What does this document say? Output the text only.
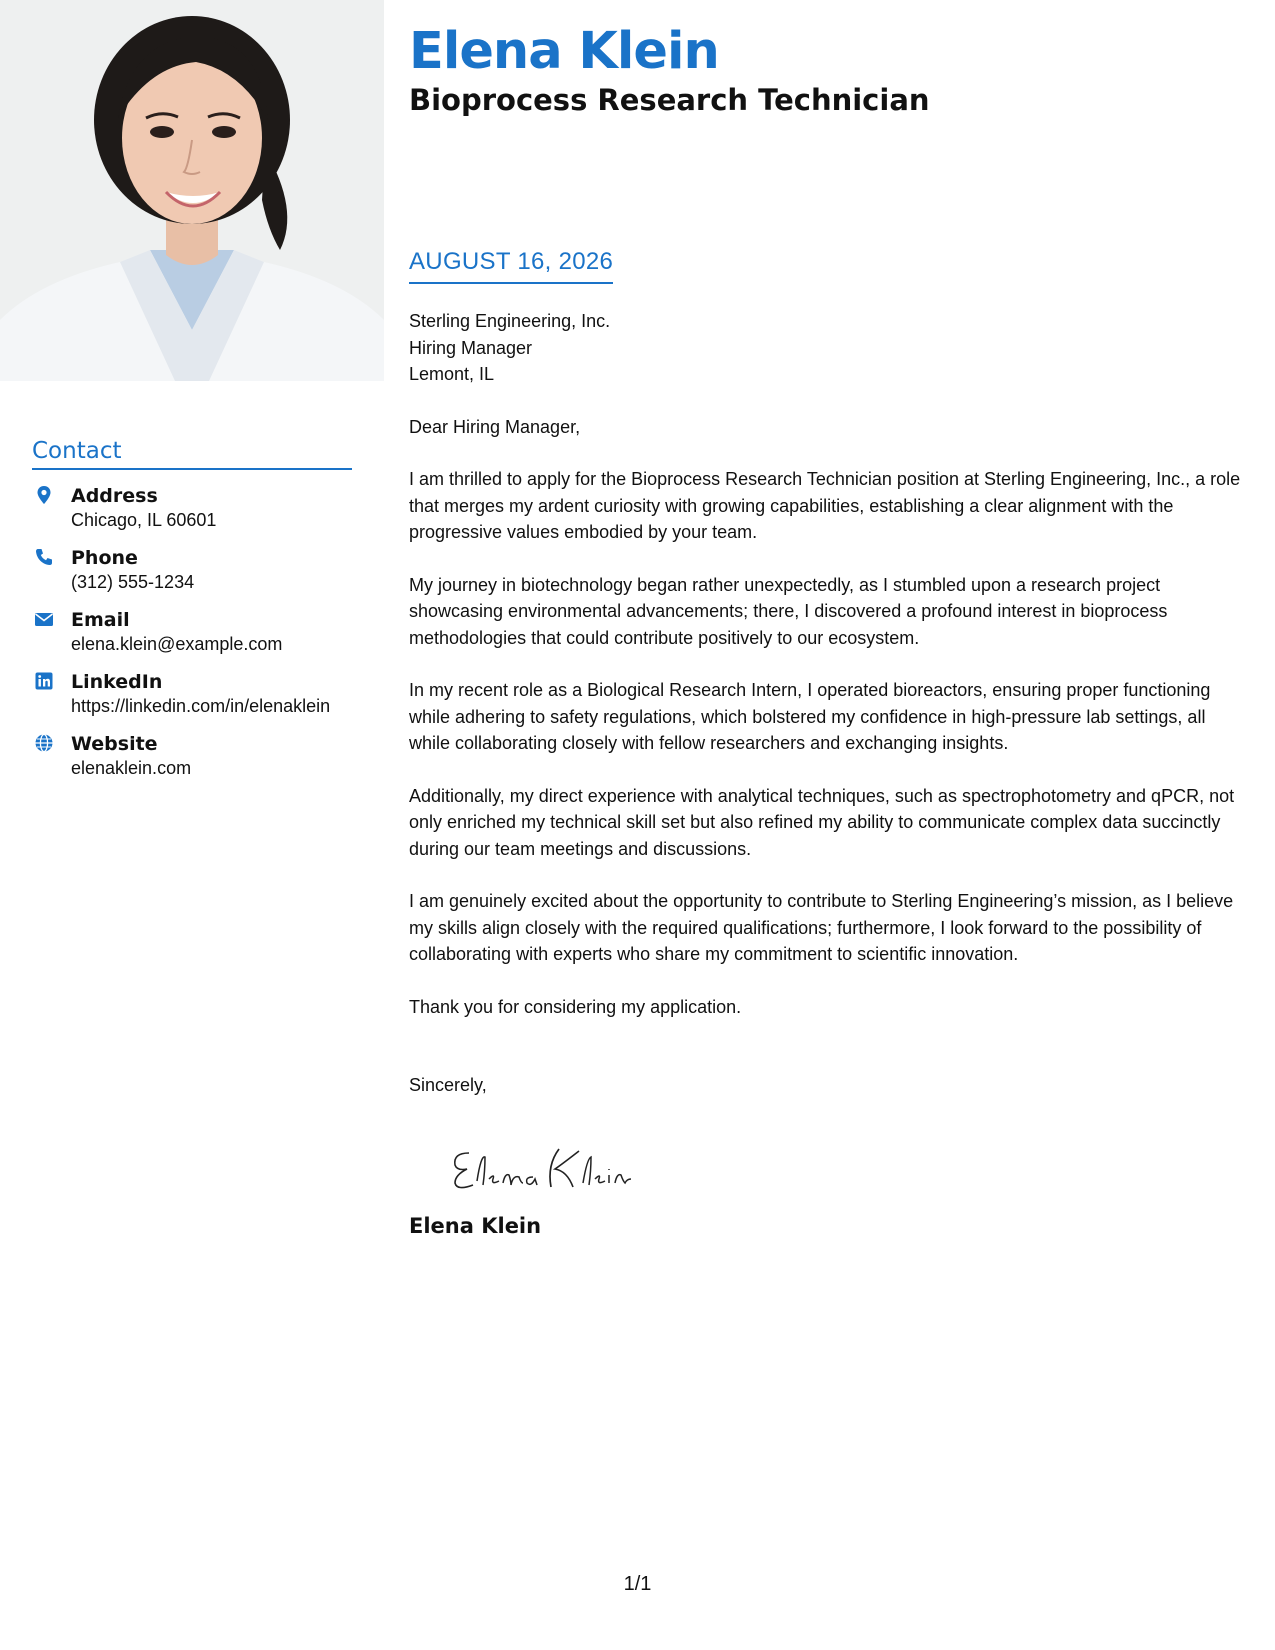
Contact
Address
Chicago, IL 60601
Phone
(312) 555-1234
Email
elena.klein@example.com
LinkedIn
https://linkedin.com/in/elenaklein
Website
elenaklein.com
Elena Klein
Bioprocess Research Technician
AUGUST 16, 2026
Sterling Engineering, Inc.
Hiring Manager
Lemont, IL

Dear Hiring Manager,

I am thrilled to apply for the Bioprocess Research Technician position at Sterling Engineering, Inc., a role that merges my ardent curiosity with growing capabilities, establishing a clear alignment with the progressive values embodied by your team.

My journey in biotechnology began rather unexpectedly, as I stumbled upon a research project showcasing environmental advancements; there, I discovered a profound interest in bioprocess methodologies that could contribute positively to our ecosystem.

In my recent role as a Biological Research Intern, I operated bioreactors, ensuring proper functioning while adhering to safety regulations, which bolstered my confidence in high-pressure lab settings, all while collaborating closely with fellow researchers and exchanging insights.

Additionally, my direct experience with analytical techniques, such as spectrophotometry and qPCR, not only enriched my technical skill set but also refined my ability to communicate complex data succinctly during our team meetings and discussions.

I am genuinely excited about the opportunity to contribute to Sterling Engineering’s mission, as I believe my skills align closely with the required qualifications; furthermore, I look forward to the possibility of collaborating with experts who share my commitment to scientific innovation.

Thank you for considering my application.

Sincerely,

Elena Klein
1/1
